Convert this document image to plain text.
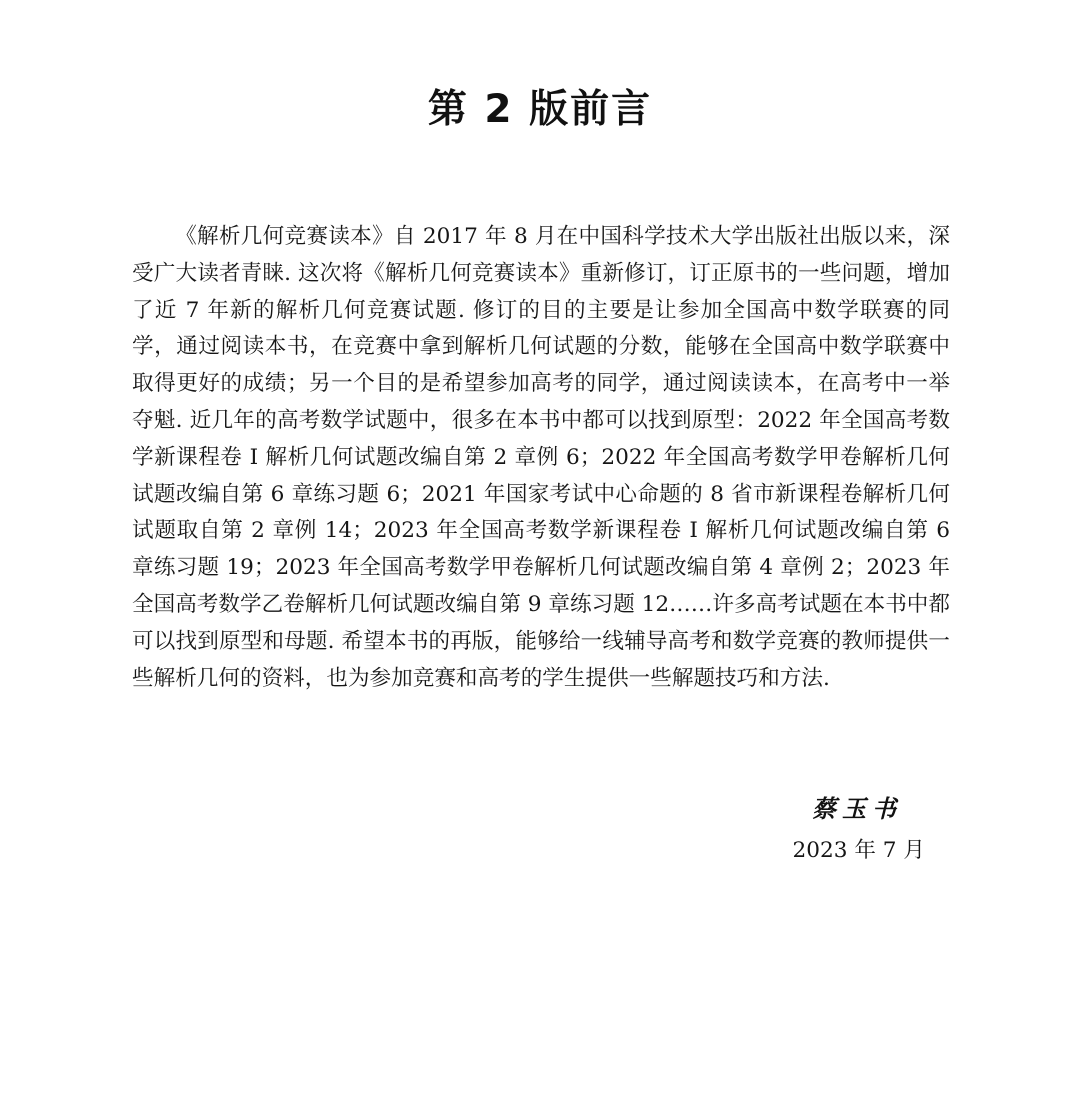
第 2 版前言

《解析几何竞赛读本》自 2017 年 8 月在中国科学技术大学出版社出版以来，深受广大读者青睐. 这次将《解析几何竞赛读本》重新修订，订正原书的一些问题，增加了近 7 年新的解析几何竞赛试题. 修订的目的主要是让参加全国高中数学联赛的同学，通过阅读本书，在竞赛中拿到解析几何试题的分数，能够在全国高中数学联赛中取得更好的成绩；另一个目的是希望参加高考的同学，通过阅读读本，在高考中一举夺魁. 近几年的高考数学试题中，很多在本书中都可以找到原型：2022 年全国高考数学新课程卷 I 解析几何试题改编自第 2 章例 6；2022 年全国高考数学甲卷解析几何试题改编自第 6 章练习题 6；2021 年国家考试中心命题的 8 省市新课程卷解析几何试题取自第 2 章例 14；2023 年全国高考数学新课程卷 I 解析几何试题改编自第 6 章练习题 19；2023 年全国高考数学甲卷解析几何试题改编自第 4 章例 2；2023 年全国高考数学乙卷解析几何试题改编自第 9 章练习题 12……许多高考试题在本书中都可以找到原型和母题. 希望本书的再版，能够给一线辅导高考和数学竞赛的教师提供一些解析几何的资料，也为参加竞赛和高考的学生提供一些解题技巧和方法.

蔡玉书
2023 年 7 月
